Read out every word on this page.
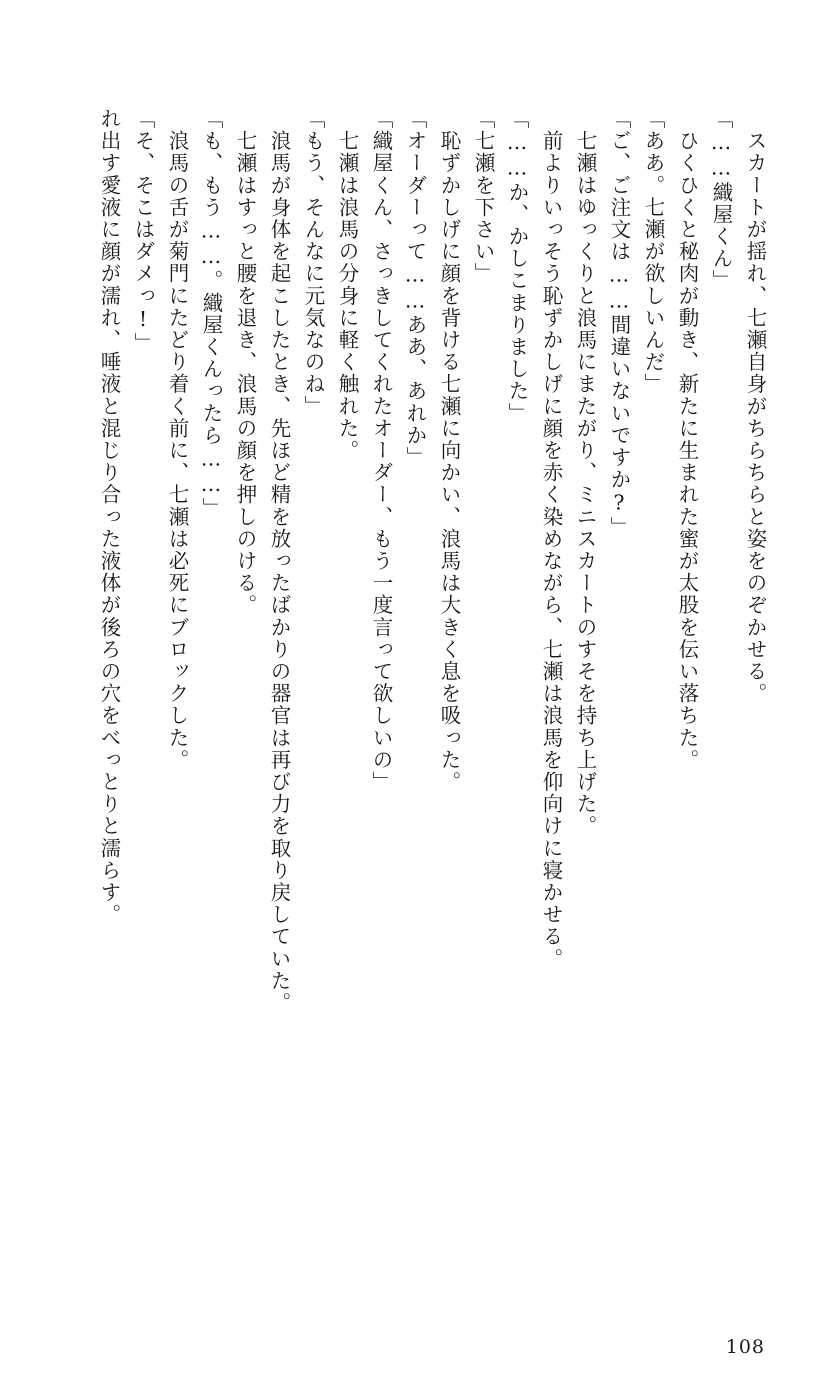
れ出す愛液に顔が濡れ、唾液と混じり合った液体が後ろの穴をべっとりと濡らす。 「そ、そこはダメっ!」 　浪馬の舌が菊門にたどり着く前に、七瀬は必死にブロックした。 「も、もう……。織屋くんったら……」 　七瀬はすっと腰を退き、浪馬の顔を押しのける。 　浪馬が身体を起こしたとき、先ほど精を放ったばかりの器官は再び力を取り戻していた。 「もう、そんなに元気なのね」 　七瀬は浪馬の分身に軽く触れた。 「織屋くん、さっきしてくれたオーダー、もう一度言って欲しいの」 「オーダーって……ああ、あれか」 　恥ずかしげに顔を背ける七瀬に向かい、浪馬は大きく息を吸った。 「七瀬を下さい」 「……か、かしこまりました」 　前よりいっそう恥ずかしげに顔を赤く染めながら、七瀬は浪馬を仰向けに寝かせる。 　七瀬はゆっくりと浪馬にまたがり、ミニスカートのすそを持ち上げた。 「ご、ご注文は……間違いないですか?」 「ああ。七瀬が欲しいんだ」 　ひくひくと秘肉が動き、新たに生まれた蜜が太股を伝い落ちた。 「……織屋くん」 　スカートが揺れ、七瀬自身がちらちらと姿をのぞかせる。
108
